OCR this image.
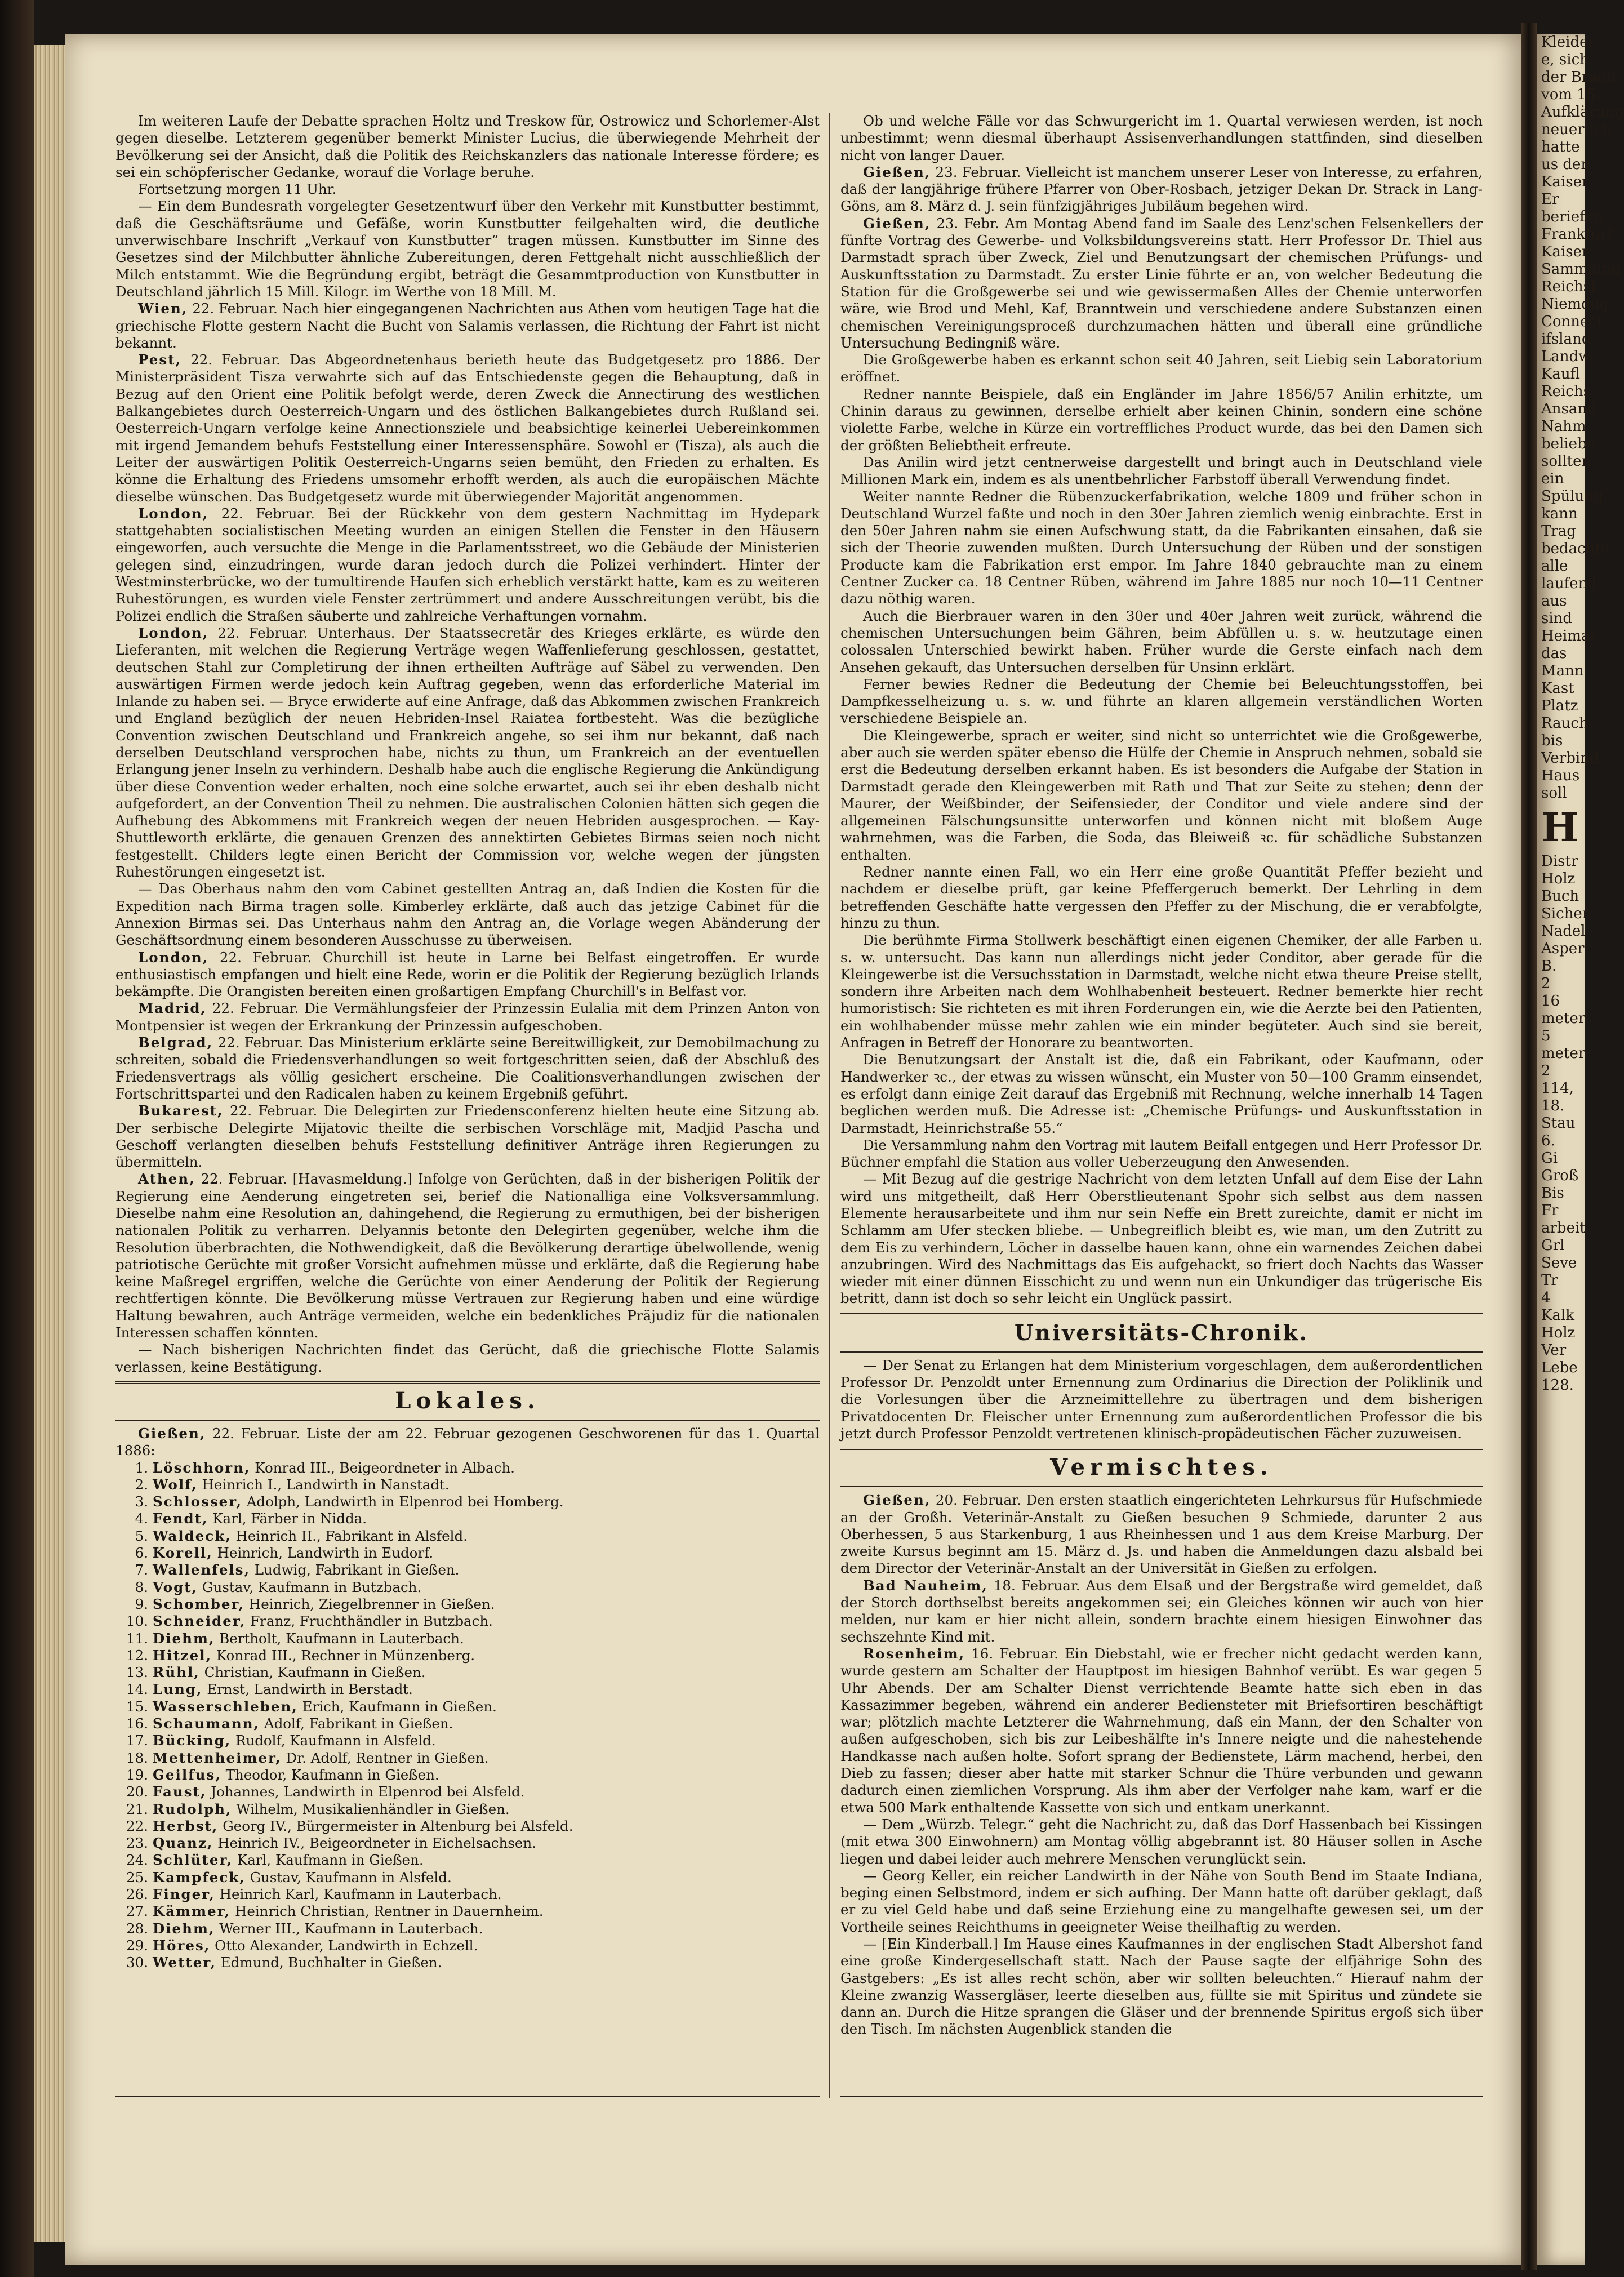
Kleider
e, sich
der Brand
vom 15.
Aufklärung
neuerlich
hatte
us den
Kaiser
Er
beriefen
Frankfurt
Kaiser
Sammlung
Reichst
Niemdog
Connect
ifsland
Landw.
Kaufl
Reichs
Ansand
Nahm
beliebe
sollten
ein
Spülung
kann
Trag
bedachte
alle
laufend
aus
sind
Heimat
das
Mann
Kast
Platz
Rauch
bis
Verbind
Haus
soll
H
Distr
Holz
Buch
Sichen
Nadel
Asper
B.
2
16
meter
5
meter
2
114,
18.
Stau
6.
Gi
Groß
Bis
Fr
arbeit
Grl
Seve
Tr
4
Kalk
Holz
Ver
Lebe
128.

Im weiteren Laufe der Debatte sprachen Holtz und Treskow für, Ostrowicz und Schorlemer-Alst gegen dieselbe. Letzterem gegenüber bemerkt Minister Lucius, die überwiegende Mehrheit der Bevölkerung sei der Ansicht, daß die Politik des Reichskanzlers das nationale Interesse fördere; es sei ein schöpferischer Gedanke, worauf die Vorlage beruhe.

Fortsetzung morgen 11 Uhr.

— Ein dem Bundesrath vorgelegter Gesetzentwurf über den Verkehr mit Kunstbutter bestimmt, daß die Geschäftsräume und Gefäße, worin Kunstbutter feilgehalten wird, die deutliche unverwischbare Inschrift „Verkauf von Kunstbutter“ tragen müssen. Kunstbutter im Sinne des Gesetzes sind der Milchbutter ähnliche Zubereitungen, deren Fettgehalt nicht ausschließlich der Milch entstammt. Wie die Begründung ergibt, beträgt die Gesammtproduction von Kunstbutter in Deutschland jährlich 15 Mill. Kilogr. im Werthe von 18 Mill. M.

Wien, 22. Februar. Nach hier eingegangenen Nachrichten aus Athen vom heutigen Tage hat die griechische Flotte gestern Nacht die Bucht von Salamis verlassen, die Richtung der Fahrt ist nicht bekannt.

Pest, 22. Februar. Das Abgeordnetenhaus berieth heute das Budgetgesetz pro 1886. Der Ministerpräsident Tisza verwahrte sich auf das Entschiedenste gegen die Behauptung, daß in Bezug auf den Orient eine Politik befolgt werde, deren Zweck die Annectirung des westlichen Balkangebietes durch Oesterreich-Ungarn und des östlichen Balkangebietes durch Rußland sei. Oesterreich-Ungarn verfolge keine Annectionsziele und beabsichtige keinerlei Uebereinkommen mit irgend Jemandem behufs Feststellung einer Interessensphäre. Sowohl er (Tisza), als auch die Leiter der auswärtigen Politik Oesterreich-Ungarns seien bemüht, den Frieden zu erhalten. Es könne die Erhaltung des Friedens umsomehr erhofft werden, als auch die europäischen Mächte dieselbe wünschen. Das Budgetgesetz wurde mit überwiegender Majorität angenommen.

London, 22. Februar. Bei der Rückkehr von dem gestern Nachmittag im Hydepark stattgehabten socialistischen Meeting wurden an einigen Stellen die Fenster in den Häusern eingeworfen, auch versuchte die Menge in die Parlamentsstreet, wo die Gebäude der Ministerien gelegen sind, einzudringen, wurde daran jedoch durch die Polizei verhindert. Hinter der Westminsterbrücke, wo der tumultirende Haufen sich erheblich verstärkt hatte, kam es zu weiteren Ruhestörungen, es wurden viele Fenster zertrümmert und andere Ausschreitungen verübt, bis die Polizei endlich die Straßen säuberte und zahlreiche Verhaftungen vornahm.

London, 22. Februar. Unterhaus. Der Staatssecretär des Krieges erklärte, es würde den Lieferanten, mit welchen die Regierung Verträge wegen Waffenlieferung geschlossen, gestattet, deutschen Stahl zur Completirung der ihnen ertheilten Aufträge auf Säbel zu verwenden. Den auswärtigen Firmen werde jedoch kein Auftrag gegeben, wenn das erforderliche Material im Inlande zu haben sei. — Bryce erwiderte auf eine Anfrage, daß das Abkommen zwischen Frankreich und England bezüglich der neuen Hebriden-Insel Raiatea fortbesteht. Was die bezügliche Convention zwischen Deutschland und Frankreich angehe, so sei ihm nur bekannt, daß nach derselben Deutschland versprochen habe, nichts zu thun, um Frankreich an der eventuellen Erlangung jener Inseln zu verhindern. Deshalb habe auch die englische Regierung die Ankündigung über diese Convention weder erhalten, noch eine solche erwartet, auch sei ihr eben deshalb nicht aufgefordert, an der Convention Theil zu nehmen. Die australischen Colonien hätten sich gegen die Aufhebung des Abkommens mit Frankreich wegen der neuen Hebriden ausgesprochen. — Kay-Shuttleworth erklärte, die genauen Grenzen des annektirten Gebietes Birmas seien noch nicht festgestellt. Childers legte einen Bericht der Commission vor, welche wegen der jüngsten Ruhestörungen eingesetzt ist.

— Das Oberhaus nahm den vom Cabinet gestellten Antrag an, daß Indien die Kosten für die Expedition nach Birma tragen solle. Kimberley erklärte, daß auch das jetzige Cabinet für die Annexion Birmas sei. Das Unterhaus nahm den Antrag an, die Vorlage wegen Abänderung der Geschäftsordnung einem besonderen Ausschusse zu überweisen.

London, 22. Februar. Churchill ist heute in Larne bei Belfast eingetroffen. Er wurde enthusiastisch empfangen und hielt eine Rede, worin er die Politik der Regierung bezüglich Irlands bekämpfte. Die Orangisten bereiten einen großartigen Empfang Churchill's in Belfast vor.

Madrid, 22. Februar. Die Vermählungsfeier der Prinzessin Eulalia mit dem Prinzen Anton von Montpensier ist wegen der Erkrankung der Prinzessin aufgeschoben.

Belgrad, 22. Februar. Das Ministerium erklärte seine Bereitwilligkeit, zur Demobilmachung zu schreiten, sobald die Friedensverhandlungen so weit fortgeschritten seien, daß der Abschluß des Friedensvertrags als völlig gesichert erscheine. Die Coalitionsverhandlungen zwischen der Fortschrittspartei und den Radicalen haben zu keinem Ergebniß geführt.

Bukarest, 22. Februar. Die Delegirten zur Friedensconferenz hielten heute eine Sitzung ab. Der serbische Delegirte Mijatovic theilte die serbischen Vorschläge mit, Madjid Pascha und Geschoff verlangten dieselben behufs Feststellung definitiver Anträge ihren Regierungen zu übermitteln.

Athen, 22. Februar. [Havasmeldung.] Infolge von Gerüchten, daß in der bisherigen Politik der Regierung eine Aenderung eingetreten sei, berief die Nationalliga eine Volksversammlung. Dieselbe nahm eine Resolution an, dahingehend, die Regierung zu ermuthigen, bei der bisherigen nationalen Politik zu verharren. Delyannis betonte den Delegirten gegenüber, welche ihm die Resolution überbrachten, die Nothwendigkeit, daß die Bevölkerung derartige übelwollende, wenig patriotische Gerüchte mit großer Vorsicht aufnehmen müsse und erklärte, daß die Regierung habe keine Maßregel ergriffen, welche die Gerüchte von einer Aenderung der Politik der Regierung rechtfertigen könnte. Die Bevölkerung müsse Vertrauen zur Regierung haben und eine würdige Haltung bewahren, auch Anträge vermeiden, welche ein bedenkliches Präjudiz für die nationalen Interessen schaffen könnten.

— Nach bisherigen Nachrichten findet das Gerücht, daß die griechische Flotte Salamis verlassen, keine Bestätigung.

Lokales.

Gießen, 22. Februar. Liste der am 22. Februar gezogenen Geschworenen für das 1. Quartal 1886:

1. Löschhorn, Konrad III., Beigeordneter in Albach.
2. Wolf, Heinrich I., Landwirth in Nanstadt.
3. Schlosser, Adolph, Landwirth in Elpenrod bei Homberg.
4. Fendt, Karl, Färber in Nidda.
5. Waldeck, Heinrich II., Fabrikant in Alsfeld.
6. Korell, Heinrich, Landwirth in Eudorf.
7. Wallenfels, Ludwig, Fabrikant in Gießen.
8. Vogt, Gustav, Kaufmann in Butzbach.
9. Schomber, Heinrich, Ziegelbrenner in Gießen.
10. Schneider, Franz, Fruchthändler in Butzbach.
11. Diehm, Bertholt, Kaufmann in Lauterbach.
12. Hitzel, Konrad III., Rechner in Münzenberg.
13. Rühl, Christian, Kaufmann in Gießen.
14. Lung, Ernst, Landwirth in Berstadt.
15. Wasserschleben, Erich, Kaufmann in Gießen.
16. Schaumann, Adolf, Fabrikant in Gießen.
17. Bücking, Rudolf, Kaufmann in Alsfeld.
18. Mettenheimer, Dr. Adolf, Rentner in Gießen.
19. Geilfus, Theodor, Kaufmann in Gießen.
20. Faust, Johannes, Landwirth in Elpenrod bei Alsfeld.
21. Rudolph, Wilhelm, Musikalienhändler in Gießen.
22. Herbst, Georg IV., Bürgermeister in Altenburg bei Alsfeld.
23. Quanz, Heinrich IV., Beigeordneter in Eichelsachsen.
24. Schlüter, Karl, Kaufmann in Gießen.
25. Kampfeck, Gustav, Kaufmann in Alsfeld.
26. Finger, Heinrich Karl, Kaufmann in Lauterbach.
27. Kämmer, Heinrich Christian, Rentner in Dauernheim.
28. Diehm, Werner III., Kaufmann in Lauterbach.
29. Höres, Otto Alexander, Landwirth in Echzell.
30. Wetter, Edmund, Buchhalter in Gießen.

Ob und welche Fälle vor das Schwurgericht im 1. Quartal verwiesen werden, ist noch unbestimmt; wenn diesmal überhaupt Assisenverhandlungen stattfinden, sind dieselben nicht von langer Dauer.

Gießen, 23. Februar. Vielleicht ist manchem unserer Leser von Interesse, zu erfahren, daß der langjährige frühere Pfarrer von Ober-Rosbach, jetziger Dekan Dr. Strack in Lang-Göns, am 8. März d. J. sein fünfzigjähriges Jubiläum begehen wird.

Gießen, 23. Febr. Am Montag Abend fand im Saale des Lenz'schen Felsenkellers der fünfte Vortrag des Gewerbe- und Volksbildungsvereins statt. Herr Professor Dr. Thiel aus Darmstadt sprach über Zweck, Ziel und Benutzungsart der chemischen Prüfungs- und Auskunftsstation zu Darmstadt. Zu erster Linie führte er an, von welcher Bedeutung die Station für die Großgewerbe sei und wie gewissermaßen Alles der Chemie unterworfen wäre, wie Brod und Mehl, Kaf, Branntwein und verschiedene andere Substanzen einen chemischen Vereinigungsproceß durchzumachen hätten und überall eine gründliche Untersuchung Bedingniß wäre.

Die Großgewerbe haben es erkannt schon seit 40 Jahren, seit Liebig sein Laboratorium eröffnet.

Redner nannte Beispiele, daß ein Engländer im Jahre 1856/57 Anilin erhitzte, um Chinin daraus zu gewinnen, derselbe erhielt aber keinen Chinin, sondern eine schöne violette Farbe, welche in Kürze ein vortreffliches Product wurde, das bei den Damen sich der größten Beliebtheit erfreute.

Das Anilin wird jetzt centnerweise dargestellt und bringt auch in Deutschland viele Millionen Mark ein, indem es als unentbehrlicher Farbstoff überall Verwendung findet.

Weiter nannte Redner die Rübenzuckerfabrikation, welche 1809 und früher schon in Deutschland Wurzel faßte und noch in den 30er Jahren ziemlich wenig einbrachte. Erst in den 50er Jahren nahm sie einen Aufschwung statt, da die Fabrikanten einsahen, daß sie sich der Theorie zuwenden mußten. Durch Untersuchung der Rüben und der sonstigen Producte kam die Fabrikation erst empor. Im Jahre 1840 gebrauchte man zu einem Centner Zucker ca. 18 Centner Rüben, während im Jahre 1885 nur noch 10—11 Centner dazu nöthig waren.

Auch die Bierbrauer waren in den 30er und 40er Jahren weit zurück, während die chemischen Untersuchungen beim Gähren, beim Abfüllen u. s. w. heutzutage einen colossalen Unterschied bewirkt haben. Früher wurde die Gerste einfach nach dem Ansehen gekauft, das Untersuchen derselben für Unsinn erklärt.

Ferner bewies Redner die Bedeutung der Chemie bei Beleuchtungsstoffen, bei Dampfkesselheizung u. s. w. und führte an klaren allgemein verständlichen Worten verschiedene Beispiele an.

Die Kleingewerbe, sprach er weiter, sind nicht so unterrichtet wie die Großgewerbe, aber auch sie werden später ebenso die Hülfe der Chemie in Anspruch nehmen, sobald sie erst die Bedeutung derselben erkannt haben. Es ist besonders die Aufgabe der Station in Darmstadt gerade den Kleingewerben mit Rath und That zur Seite zu stehen; denn der Maurer, der Weißbinder, der Seifensieder, der Conditor und viele andere sind der allgemeinen Fälschungsunsitte unterworfen und können nicht mit bloßem Auge wahrnehmen, was die Farben, die Soda, das Bleiweiß ꝛc. für schädliche Substanzen enthalten.

Redner nannte einen Fall, wo ein Herr eine große Quantität Pfeffer bezieht und nachdem er dieselbe prüft, gar keine Pfeffergeruch bemerkt. Der Lehrling in dem betreffenden Geschäfte hatte vergessen den Pfeffer zu der Mischung, die er verabfolgte, hinzu zu thun.

Die berühmte Firma Stollwerk beschäftigt einen eigenen Chemiker, der alle Farben u. s. w. untersucht. Das kann nun allerdings nicht jeder Conditor, aber gerade für die Kleingewerbe ist die Versuchsstation in Darmstadt, welche nicht etwa theure Preise stellt, sondern ihre Arbeiten nach dem Wohlhabenheit besteuert. Redner bemerkte hier recht humoristisch: Sie richteten es mit ihren Forderungen ein, wie die Aerzte bei den Patienten, ein wohlhabender müsse mehr zahlen wie ein minder begüteter. Auch sind sie bereit, Anfragen in Betreff der Honorare zu beantworten.

Die Benutzungsart der Anstalt ist die, daß ein Fabrikant, oder Kaufmann, oder Handwerker ꝛc., der etwas zu wissen wünscht, ein Muster von 50—100 Gramm einsendet, es erfolgt dann einige Zeit darauf das Ergebniß mit Rechnung, welche innerhalb 14 Tagen beglichen werden muß. Die Adresse ist: „Chemische Prüfungs- und Auskunftsstation in Darmstadt, Heinrichstraße 55.“

Die Versammlung nahm den Vortrag mit lautem Beifall entgegen und Herr Professor Dr. Büchner empfahl die Station aus voller Ueberzeugung den Anwesenden.

— Mit Bezug auf die gestrige Nachricht von dem letzten Unfall auf dem Eise der Lahn wird uns mitgetheilt, daß Herr Oberstlieutenant Spohr sich selbst aus dem nassen Elemente herausarbeitete und ihm nur sein Neffe ein Brett zureichte, damit er nicht im Schlamm am Ufer stecken bliebe. — Unbegreiflich bleibt es, wie man, um den Zutritt zu dem Eis zu verhindern, Löcher in dasselbe hauen kann, ohne ein warnendes Zeichen dabei anzubringen. Wird des Nachmittags das Eis aufgehackt, so friert doch Nachts das Wasser wieder mit einer dünnen Eisschicht zu und wenn nun ein Unkundiger das trügerische Eis betritt, dann ist doch so sehr leicht ein Unglück passirt.

Universitäts-Chronik.

— Der Senat zu Erlangen hat dem Ministerium vorgeschlagen, dem außerordentlichen Professor Dr. Penzoldt unter Ernennung zum Ordinarius die Direction der Poliklinik und die Vorlesungen über die Arzneimittellehre zu übertragen und dem bisherigen Privatdocenten Dr. Fleischer unter Ernennung zum außerordentlichen Professor die bis jetzt durch Professor Penzoldt vertretenen klinisch-propädeutischen Fächer zuzuweisen.

Vermischtes.

Gießen, 20. Februar. Den ersten staatlich eingerichteten Lehrkursus für Hufschmiede an der Großh. Veterinär-Anstalt zu Gießen besuchen 9 Schmiede, darunter 2 aus Oberhessen, 5 aus Starkenburg, 1 aus Rheinhessen und 1 aus dem Kreise Marburg. Der zweite Kursus beginnt am 15. März d. Js. und haben die Anmeldungen dazu alsbald bei dem Director der Veterinär-Anstalt an der Universität in Gießen zu erfolgen.

Bad Nauheim, 18. Februar. Aus dem Elsaß und der Bergstraße wird gemeldet, daß der Storch dorthselbst bereits angekommen sei; ein Gleiches können wir auch von hier melden, nur kam er hier nicht allein, sondern brachte einem hiesigen Einwohner das sechszehnte Kind mit.

Rosenheim, 16. Februar. Ein Diebstahl, wie er frecher nicht gedacht werden kann, wurde gestern am Schalter der Hauptpost im hiesigen Bahnhof verübt. Es war gegen 5 Uhr Abends. Der am Schalter Dienst verrichtende Beamte hatte sich eben in das Kassazimmer begeben, während ein anderer Bediensteter mit Briefsortiren beschäftigt war; plötzlich machte Letzterer die Wahrnehmung, daß ein Mann, der den Schalter von außen aufgeschoben, sich bis zur Leibeshälfte in's Innere neigte und die nahestehende Handkasse nach außen holte. Sofort sprang der Bedienstete, Lärm machend, herbei, den Dieb zu fassen; dieser aber hatte mit starker Schnur die Thüre verbunden und gewann dadurch einen ziemlichen Vorsprung. Als ihm aber der Verfolger nahe kam, warf er die etwa 500 Mark enthaltende Kassette von sich und entkam unerkannt.

— Dem „Würzb. Telegr.“ geht die Nachricht zu, daß das Dorf Hassenbach bei Kissingen (mit etwa 300 Einwohnern) am Montag völlig abgebrannt ist. 80 Häuser sollen in Asche liegen und dabei leider auch mehrere Menschen verunglückt sein.

— Georg Keller, ein reicher Landwirth in der Nähe von South Bend im Staate Indiana, beging einen Selbstmord, indem er sich aufhing. Der Mann hatte oft darüber geklagt, daß er zu viel Geld habe und daß seine Erziehung eine zu mangelhafte gewesen sei, um der Vortheile seines Reichthums in geeigneter Weise theilhaftig zu werden.

— [Ein Kinderball.] Im Hause eines Kaufmannes in der englischen Stadt Albershot fand eine große Kindergesellschaft statt. Nach der Pause sagte der elfjährige Sohn des Gastgebers: „Es ist alles recht schön, aber wir sollten beleuchten.“ Hierauf nahm der Kleine zwanzig Wassergläser, leerte dieselben aus, füllte sie mit Spiritus und zündete sie dann an. Durch die Hitze sprangen die Gläser und der brennende Spiritus ergoß sich über den Tisch. Im nächsten Augenblick standen die
